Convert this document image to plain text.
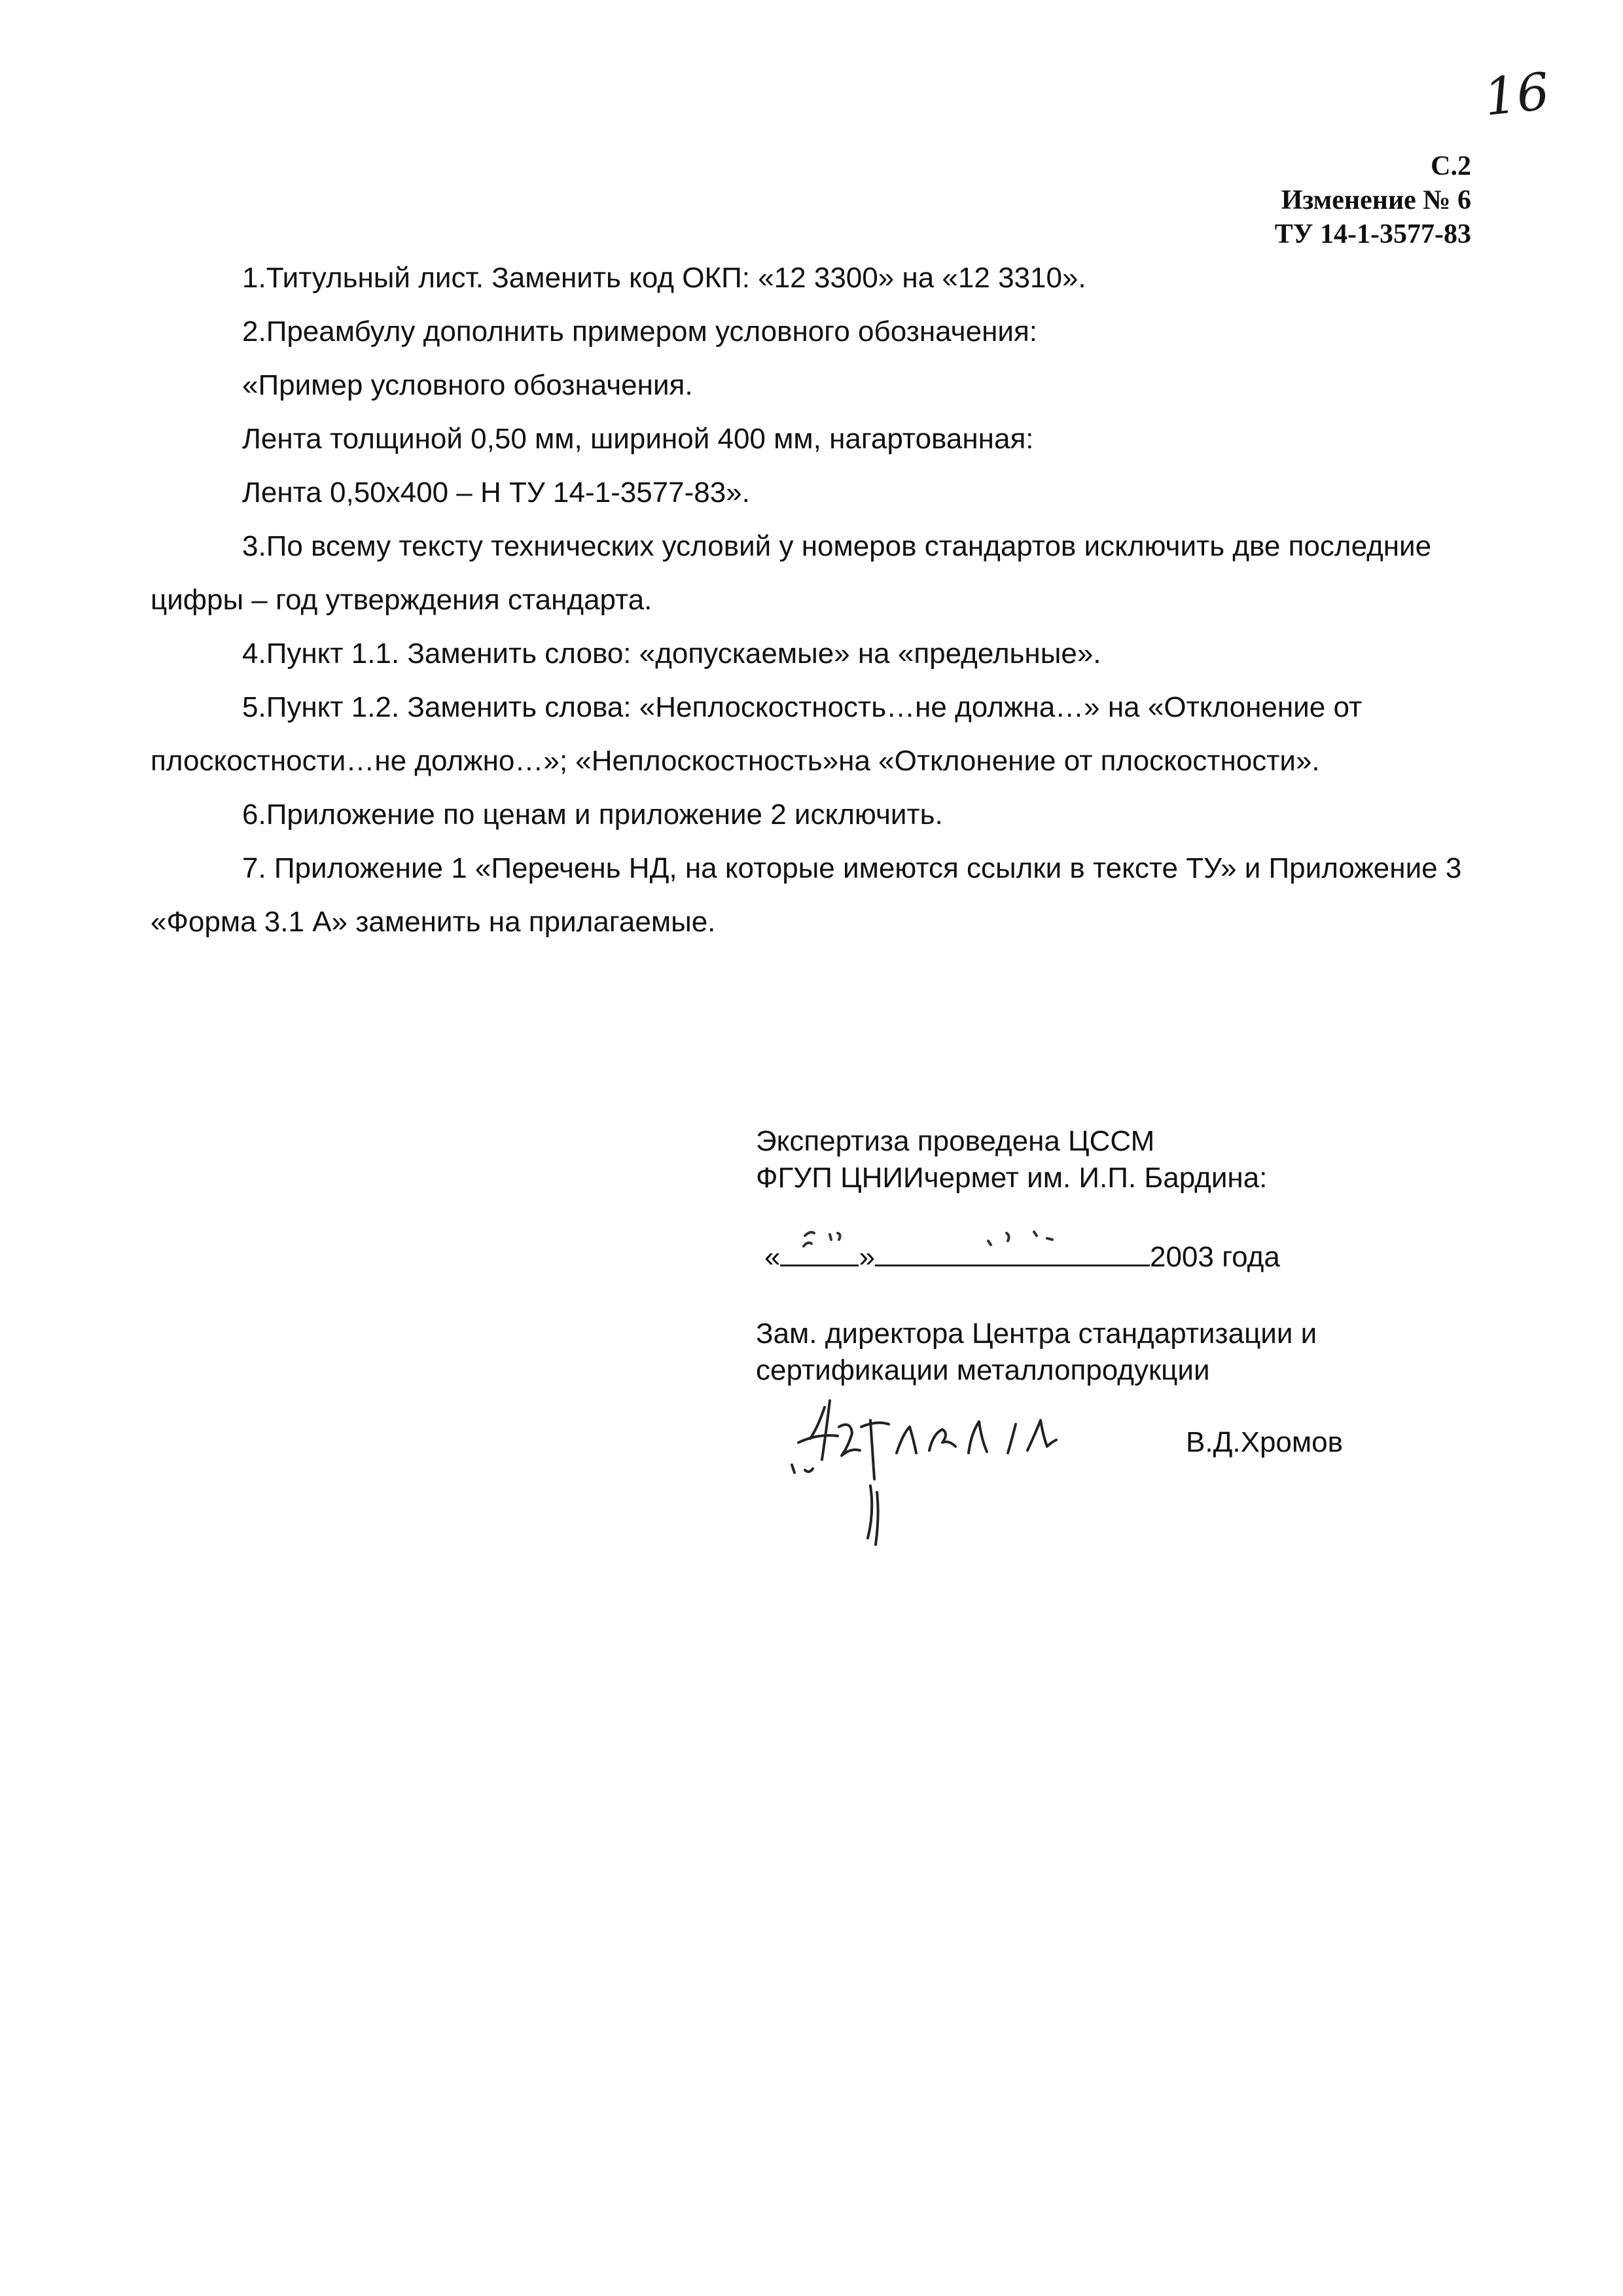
16
С.2
Изменение № 6
ТУ 14-1-3577-83

1.Титульный лист. Заменить код ОКП: «12 3300» на «12 3310».

2.Преамбулу дополнить примером условного обозначения:

«Пример условного обозначения.

Лента толщиной 0,50 мм, шириной 400 мм, нагартованная:

Лента 0,50х400 – Н ТУ 14-1-3577-83».

3.По всему тексту технических условий у номеров стандартов исключить две последние цифры – год утверждения стандарта.

4.Пункт 1.1. Заменить слово: «допускаемые» на «предельные».

5.Пункт 1.2. Заменить слова: «Неплоскостность…не должна…» на «Отклонение от плоскостности…не должно…»; «Неплоскостность»на «Отклонение от плоскостности».

6.Приложение по ценам и приложение 2 исключить.

7. Приложение 1 «Перечень НД, на которые имеются ссылки в тексте ТУ» и Приложение 3 «Форма 3.1 А» заменить на прилагаемые.

Экспертиза проведена ЦССМ
ФГУП ЦНИИчермет им. И.П. Бардина:
«	»	2003 года
Зам. директора Центра стандартизации и
сертификации металлопродукции
В.Д.Хромов
